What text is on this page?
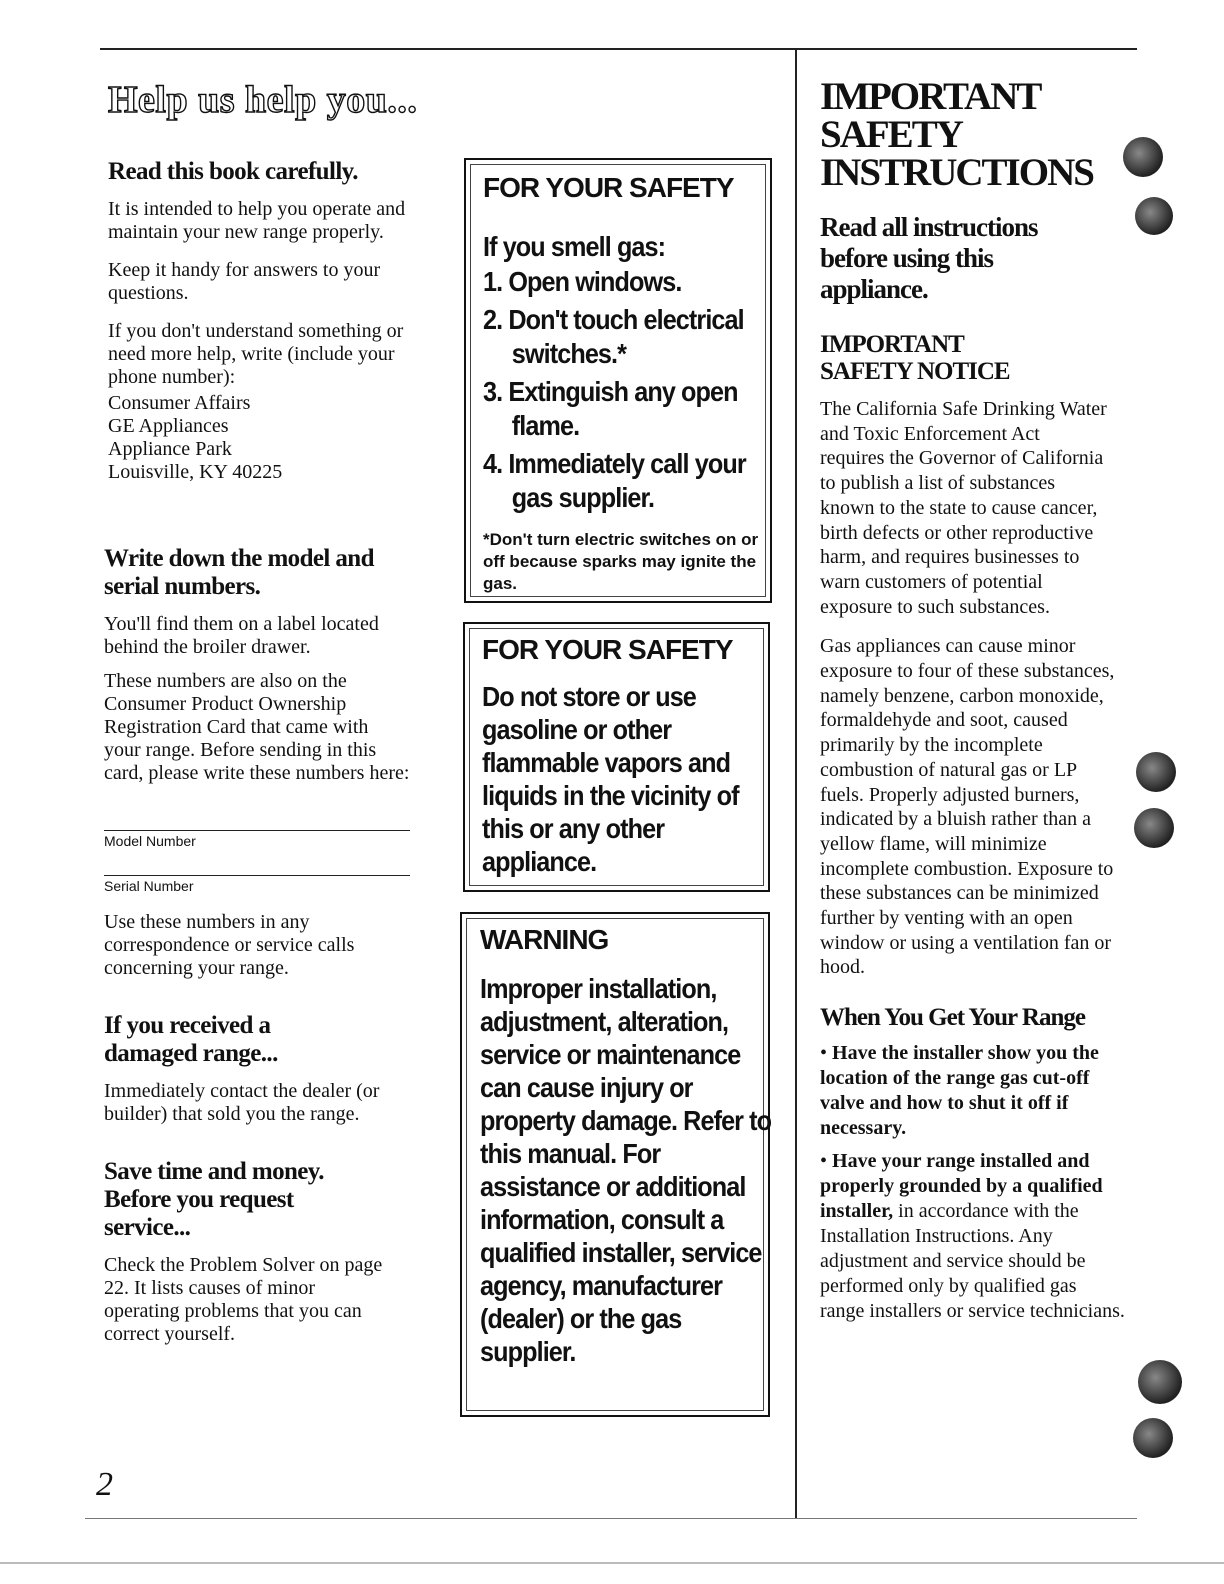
Help us help you...
Read this book carefully.

It is intended to help you operate and maintain your new range properly.

Keep it handy for answers to your questions.

If you don't understand something or need more help, write (include your phone number):

Consumer Affairs

GE Appliances

Appliance Park

Louisville, KY 40225

Write down the model and serial numbers.

You'll find them on a label located behind the broiler drawer.

These numbers are also on the Consumer Product Ownership Registration Card that came with your range. Before sending in this card, please write these numbers here:

Model Number
Serial Number

Use these numbers in any correspondence or service calls concerning your range.

If you received a damaged range...

Immediately contact the dealer (or builder) that sold you the range.

Save time and money. Before you request service...

Check the Problem Solver on page 22. It lists causes of minor operating problems that you can correct yourself.

2
FOR YOUR SAFETY
If you smell gas:
1. Open windows.
2. Don't touch electrical switches.*
3. Extinguish any open flame.
4. Immediately call your gas supplier.

*Don't turn electric switches on or off because sparks may ignite the gas.

FOR YOUR SAFETY
Do not store or use gasoline or other flammable vapors and liquids in the vicinity of this or any other appliance.
WARNING
Improper installation, adjustment, alteration, service or maintenance can cause injury or property damage. Refer to this manual. For assistance or additional information, consult a qualified installer, service agency, manufacturer (dealer) or the gas supplier.
IMPORTANT SAFETY INSTRUCTIONS
Read all instructions before using this appliance.
IMPORTANT SAFETY NOTICE

The California Safe Drinking Water and Toxic Enforcement Act requires the Governor of California to publish a list of substances known to the state to cause cancer, birth defects or other reproductive harm, and requires businesses to warn customers of potential exposure to such substances.

Gas appliances can cause minor exposure to four of these substances, namely benzene, carbon monoxide, formaldehyde and soot, caused primarily by the incomplete combustion of natural gas or LP fuels. Properly adjusted burners, indicated by a bluish rather than a yellow flame, will minimize incomplete combustion. Exposure to these substances can be minimized further by venting with an open window or using a ventilation fan or hood.

When You Get Your Range
• Have the installer show you the location of the range gas cut-off valve and how to shut it off if necessary.
• Have your range installed and properly grounded by a qualified installer, in accordance with the Installation Instructions. Any adjustment and service should be performed only by qualified gas range installers or service technicians.
